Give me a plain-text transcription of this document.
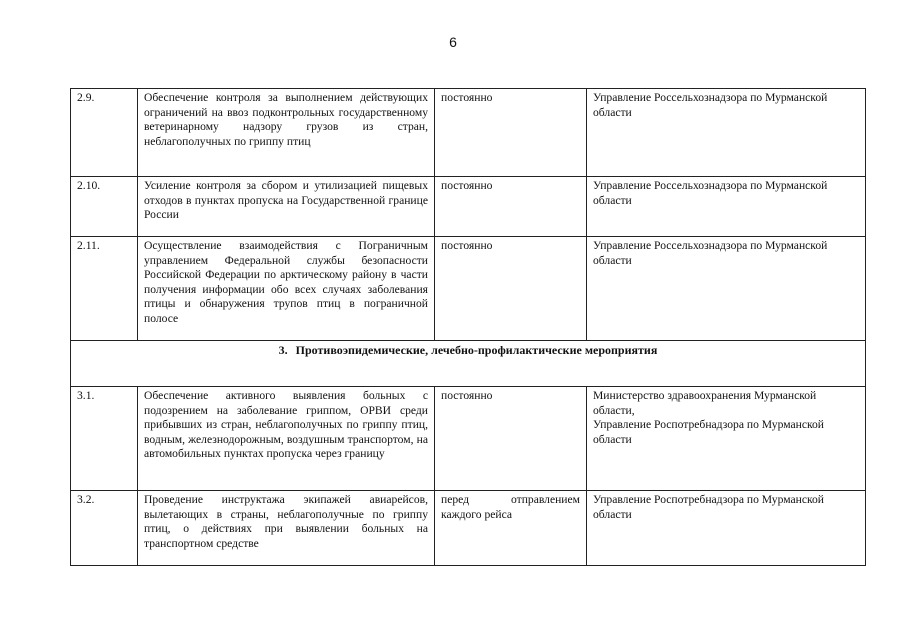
6
2.9.	Обеспечение контроля за выполнением действующих ограничений на ввоз подконтрольных государственному ветеринарному надзору грузов из стран, неблагополучных по гриппу птиц	постоянно	Управление Россельхознадзора по Мурманской области
2.10.	Усиление контроля за сбором и утилизацией пищевых отходов в пунктах пропуска на Государственной границе России	постоянно	Управление Россельхознадзора по Мурманской области
2.11.	Осуществление взаимодействия с Пограничным управлением Федеральной службы безопасности Российской Федерации по арктическому району в части получения информации обо всех случаях заболевания птицы и обнаружения трупов птиц в пограничной полосе	постоянно	Управление Россельхознадзора по Мурманской области
3. Противоэпидемические, лечебно-профилактические мероприятия			
3.1.	Обеспечение активного выявления больных с подозрением на заболевание гриппом, ОРВИ среди прибывших из стран, неблагополучных по гриппу птиц, водным, железнодорожным, воздушным транспортом, на автомобильных пунктах пропуска через границу	постоянно	Министерство здравоохранения Мурманской области,
Управление Роспотребнадзора по Мурманской области

3.2.	Проведение инструктажа экипажей авиарейсов, вылетающих в страны, неблагополучные по гриппу птиц, о действиях при выявлении больных на транспортном средстве	перед отправлением каждого рейса	Управление Роспотребнадзора по Мурманской области
